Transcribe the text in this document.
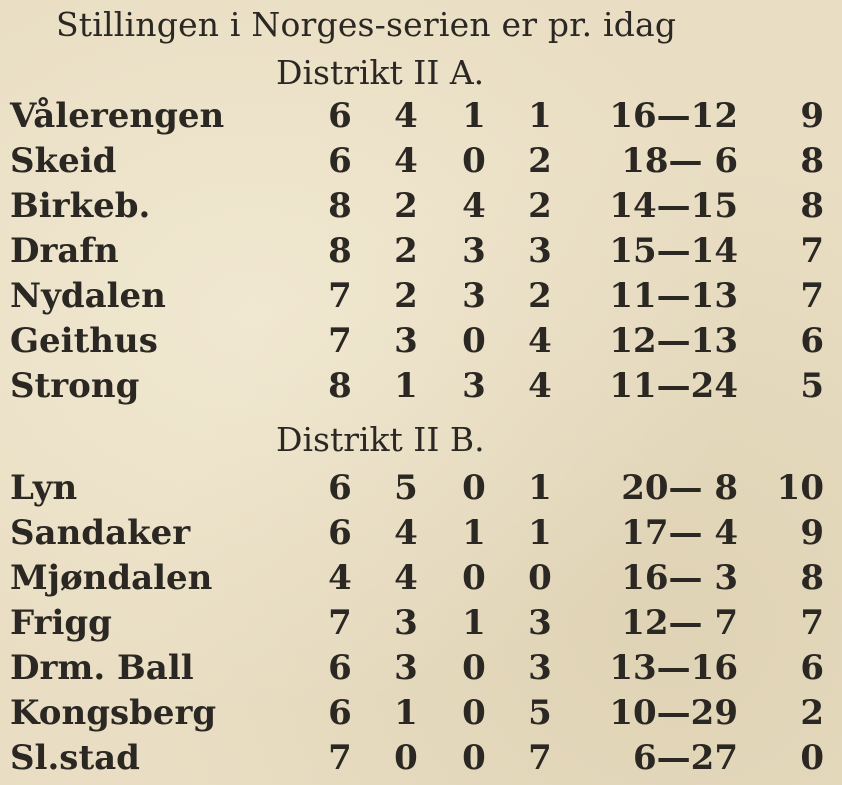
Stillingen i Norges-serien er pr. idag
Distrikt II A.
Vålerengen	6 4 1 1	16—12	9
Skeid	6 4 0 2	18— 6	8
Birkeb.	8 2 4 2	14—15	8
Drafn	8 2 3 3	15—14	7
Nydalen	7 2 3 2	11—13	7
Geithus	7 3 0 4	12—13	6
Strong	8 1 3 4	11—24	5
Distrikt II B.
Lyn	6 5 0 1	20— 8	10
Sandaker	6 4 1 1	17— 4	9
Mjøndalen	4 4 0 0	16— 3	8
Frigg	7 3 1 3	12— 7	7
Drm. Ball	6 3 0 3	13—16	6
Kongsberg	6 1 0 5	10—29	2
Sl.stad	7 0 0 7	6—27	0
